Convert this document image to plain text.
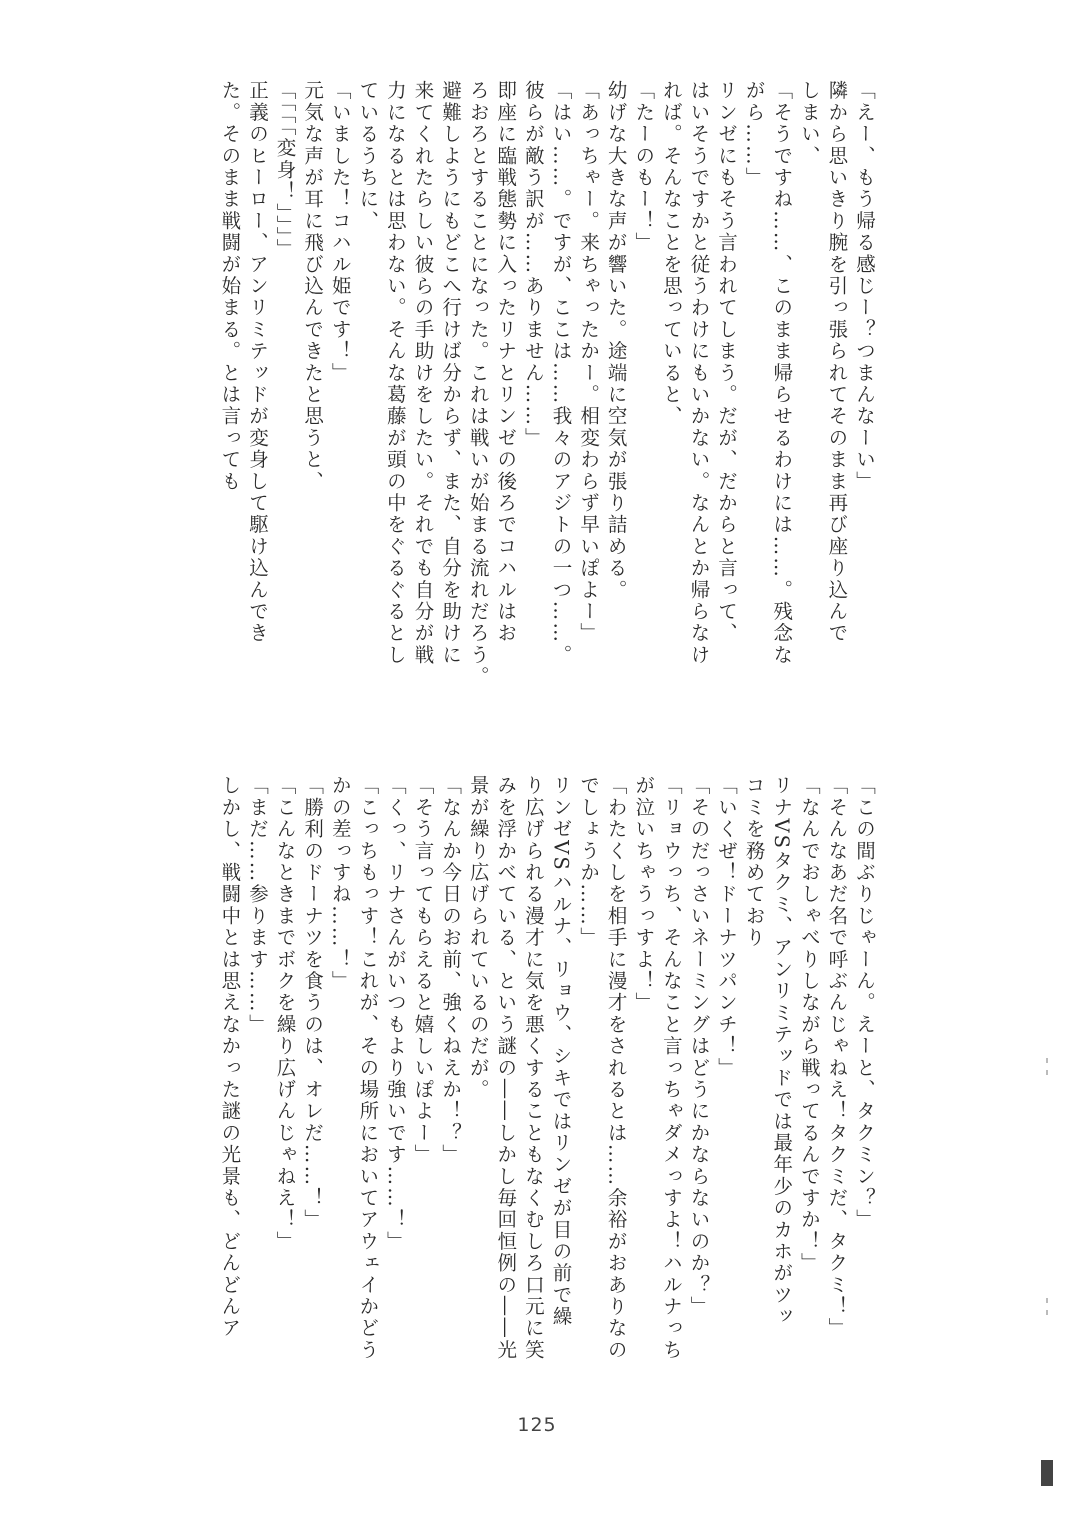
「えー、もう帰る感じー？つまんなーい」
隣から思いきり腕を引っ張られてそのまま再び座り込んで
しまい、
「そうですね……、このまま帰らせるわけには……。残念な
がら……」
リンゼにもそう言われてしまう。だが、だからと言って、
はいそうですかと従うわけにもいかない。なんとか帰らなけ
れば。そんなことを思っていると、
「たーのもー！」
幼げな大きな声が響いた。途端に空気が張り詰める。
「あっちゃー。来ちゃったかー。相変わらず早いぽよー」
「はい……。ですが、ここは……我々のアジトの一つ……。
彼らが敵う訳が……ありません……」
即座に臨戦態勢に入ったリナとリンゼの後ろでコハルはお
ろおろとすることになった。これは戦いが始まる流れだろう。
避難しようにもどこへ行けば分からず、また、自分を助けに
来てくれたらしい彼らの手助けをしたい。それでも自分が戦
力になるとは思わない。そんな葛藤が頭の中をぐるぐるとし
ているうちに、
「いました！コハル姫です！」
元気な声が耳に飛び込んできたと思うと、
「「「「変身！」」」」
正義のヒーロー、アンリミテッドが変身して駆け込んでき
た。そのまま戦闘が始まる。とは言っても
「この間ぶりじゃーん。えーと、タクミン？」
「そんなあだ名で呼ぶんじゃねえ！タクミだ、タクミ！」
「なんでおしゃべりしながら戦ってるんですか！」
リナVSタクミ、アンリミテッドでは最年少のカホがツッ
コミを務めており
「いくぜ！ドーナツパンチ！」
「そのだっさいネーミングはどうにかならないのか？」
「リョウっち、そんなこと言っちゃダメっすよ！ハルナっち
が泣いちゃうっすよ！」
「わたくしを相手に漫才をされるとは……余裕がおありなの
でしょうか……」
リンゼVSハルナ、リョウ、シキではリンゼが目の前で繰
り広げられる漫才に気を悪くすることもなくむしろ口元に笑
みを浮かべている、という謎の――しかし毎回恒例の――光
景が繰り広げられているのだが。
「なんか今日のお前、強くねえか！？」
「そう言ってもらえると嬉しいぽよー」
「くっ、リナさんがいつもより強いです……！」
「こっちもっす！これが、その場所においてアウェイかどう
かの差っすね……！」
「勝利のドーナツを食うのは、オレだ……！」
「こんなときまでボクを繰り広げんじゃねえ！」
「まだ……参ります……」
しかし、戦闘中とは思えなかった謎の光景も、どんどんア
125
